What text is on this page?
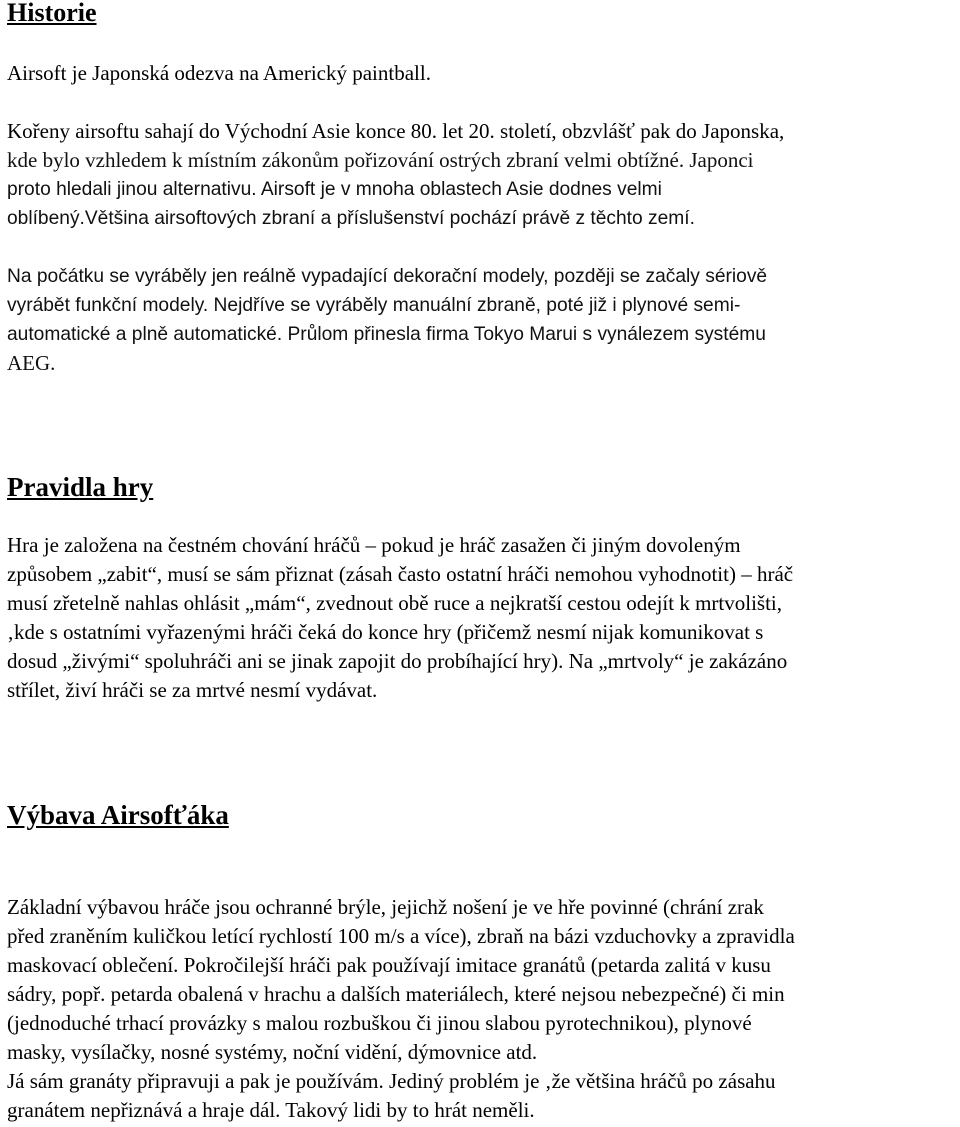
Historie

Airsoft je Japonská odezva na Americký paintball.

Kořeny airsoftu sahají do Východní Asie konce 80. let 20. století, obzvlášť pak do Japonska,
kde bylo vzhledem k místním zákonům pořizování ostrých zbraní velmi obtížné. Japonci
proto hledali jinou alternativu. Airsoft je v mnoha oblastech Asie dodnes velmi
oblíbený.Většina airsoftových zbraní a příslušenství pochází právě z těchto zemí.
Na počátku se vyráběly jen reálně vypadající dekorační modely, později se začaly sériově
vyrábět funkční modely. Nejdříve se vyráběly manuální zbraně, poté již i plynové semi-
automatické a plně automatické. Průlom přinesla firma Tokyo Marui s vynálezem systému
AEG.
Pravidla hry
Hra je založena na čestném chování hráčů – pokud je hráč zasažen či jiným dovoleným
způsobem „zabit“, musí se sám přiznat (zásah často ostatní hráči nemohou vyhodnotit) – hráč
musí zřetelně nahlas ohlásit „mám“, zvednout obě ruce a nejkratší cestou odejít k mrtvolišti,
‚kde s ostatními vyřazenými hráči čeká do konce hry (přičemž nesmí nijak komunikovat s
dosud „živými“ spoluhráči ani se jinak zapojit do probíhající hry). Na „mrtvoly“ je zakázáno
střílet, živí hráči se za mrtvé nesmí vydávat.
Výbava Airsofťáka
Základní výbavou hráče jsou ochranné brýle, jejichž nošení je ve hře povinné (chrání zrak
před zraněním kuličkou letící rychlostí 100 m/s a více), zbraň na bázi vzduchovky a zpravidla
maskovací oblečení. Pokročilejší hráči pak používají imitace granátů (petarda zalitá v kusu
sádry, popř. petarda obalená v hrachu a dalších materiálech, které nejsou nebezpečné) či min
(jednoduché trhací provázky s malou rozbuškou či jinou slabou pyrotechnikou), plynové
masky, vysílačky, nosné systémy, noční vidění, dýmovnice atd.
Já sám granáty připravuji a pak je používám. Jediný problém je ‚že většina hráčů po zásahu
granátem nepřiznává a hraje dál. Takový lidi by to hrát neměli.
